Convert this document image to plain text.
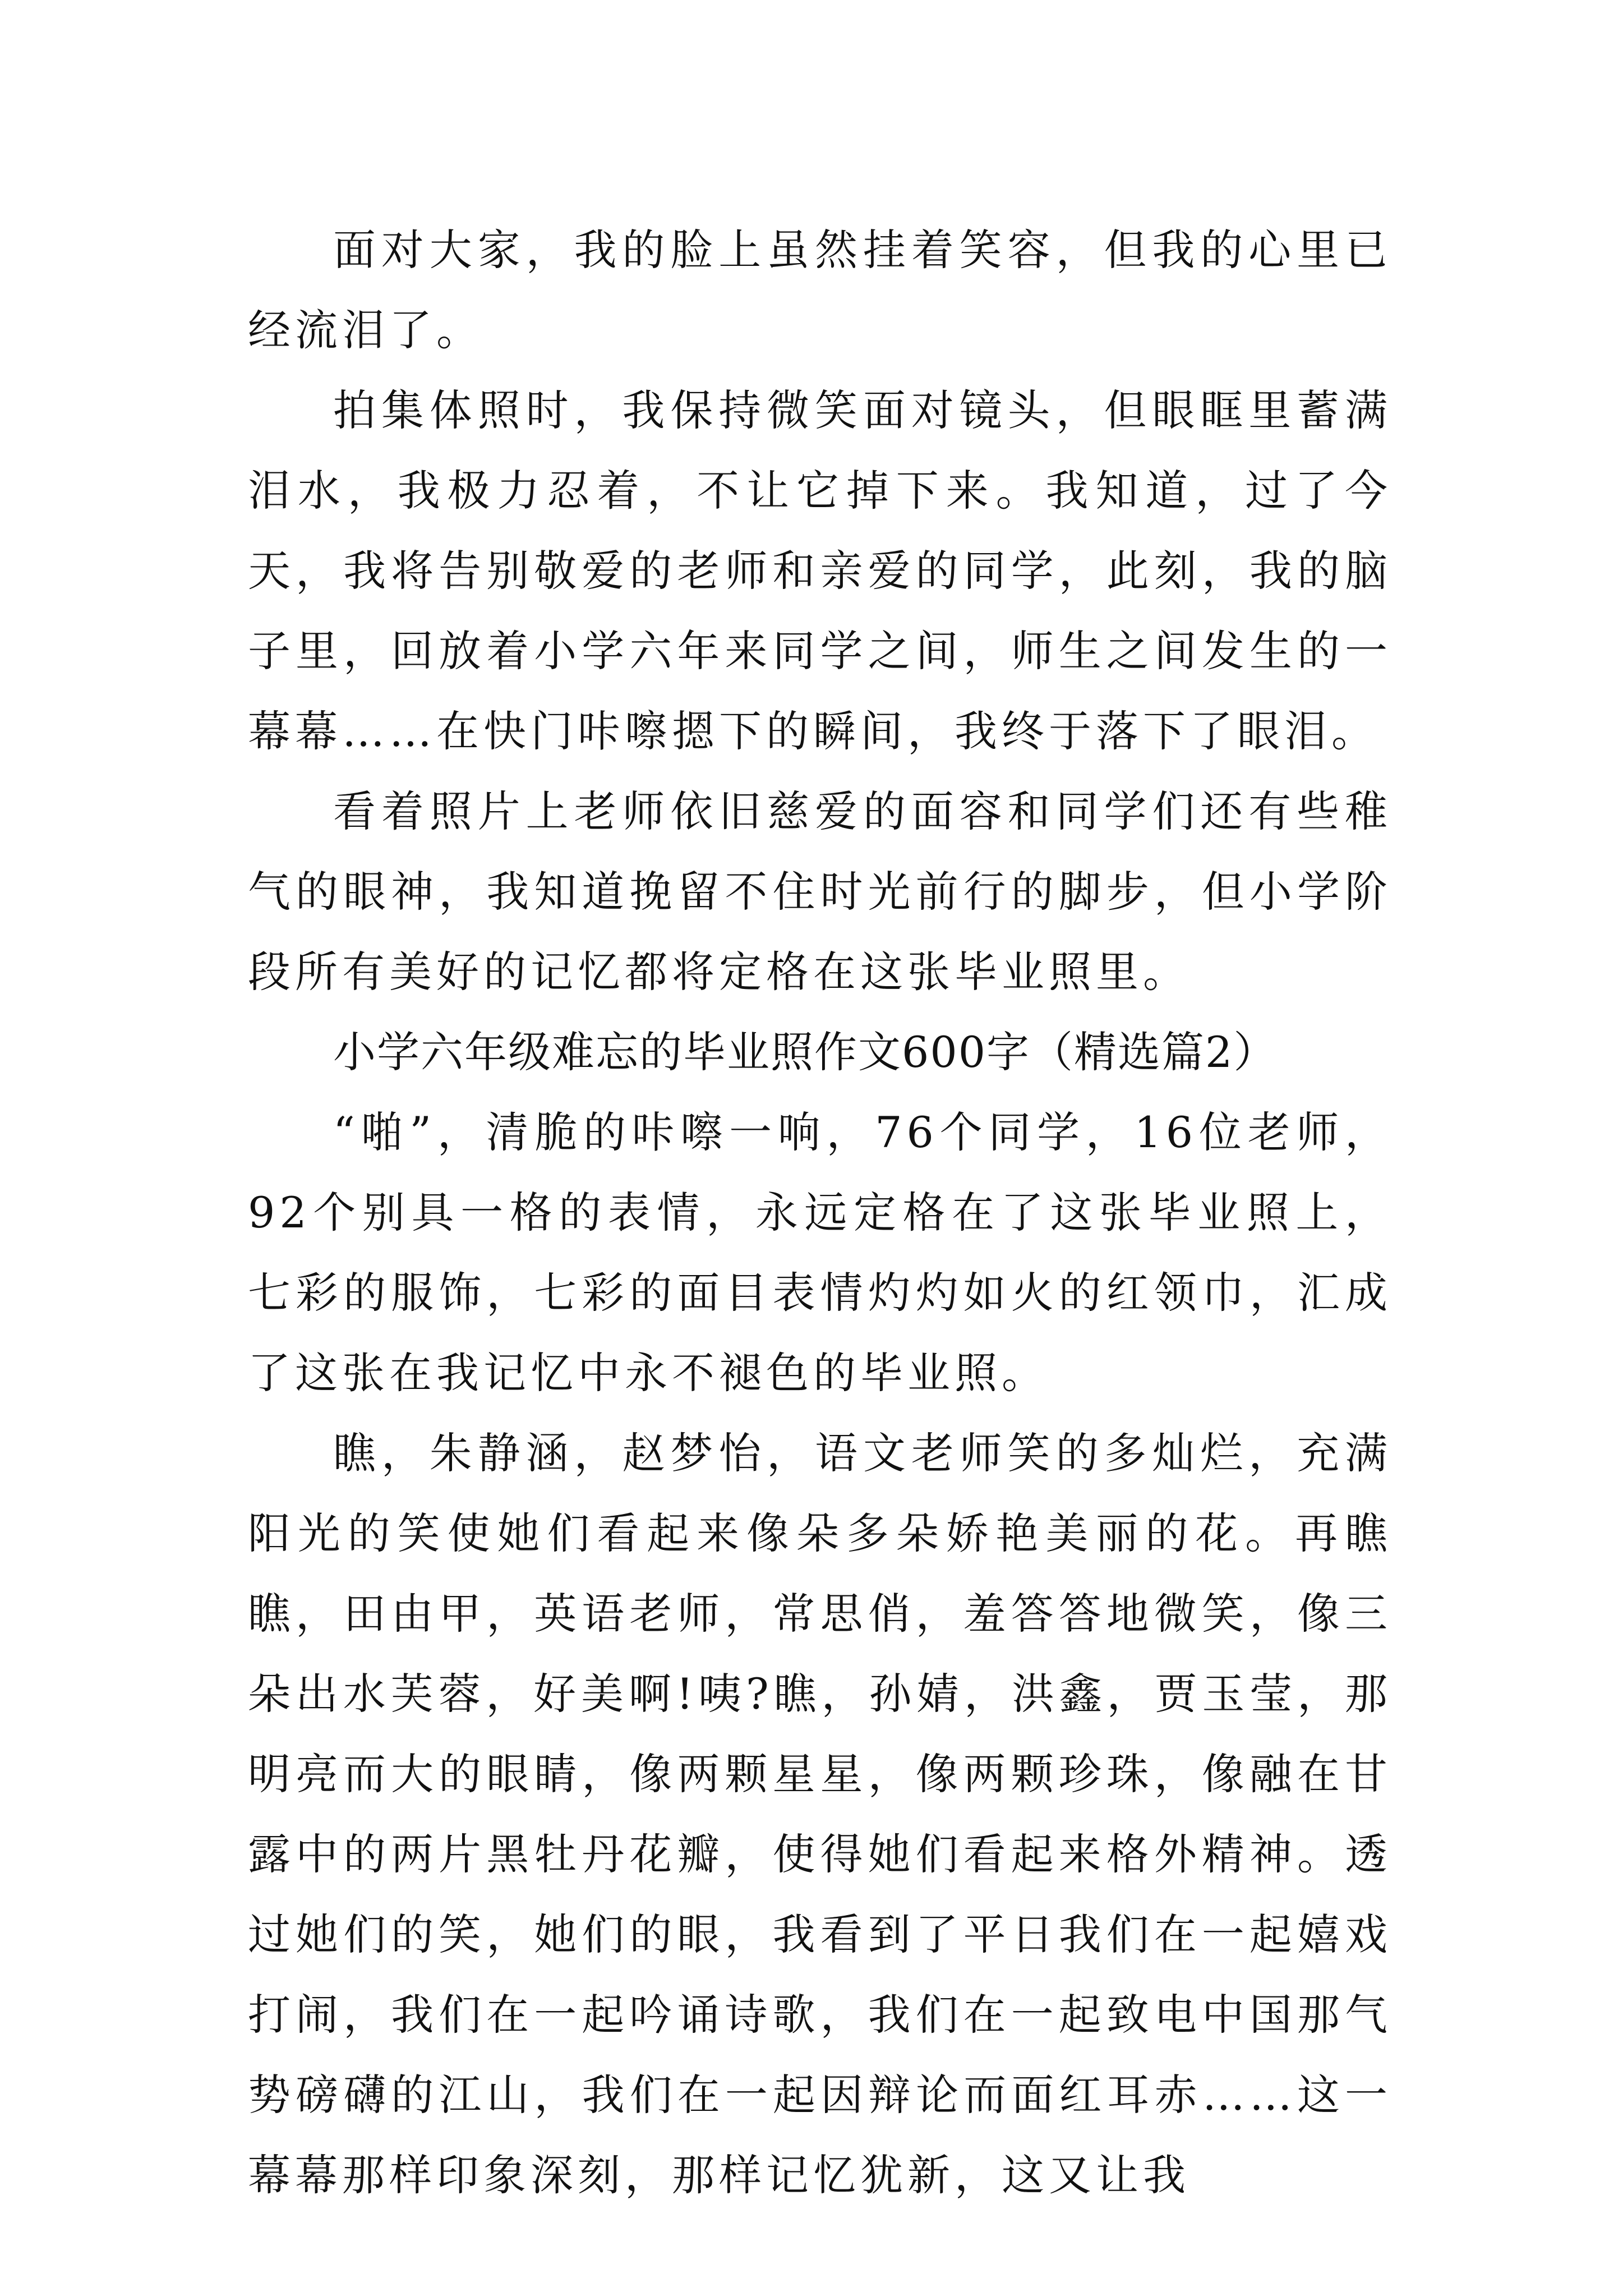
面对大家，我的脸上虽然挂着笑容，但我的心里已经流泪了。

拍集体照时，我保持微笑面对镜头，但眼眶里蓄满泪水，我极力忍着，不让它掉下来。我知道，过了今天，我将告别敬爱的老师和亲爱的同学，此刻，我的脑子里，回放着小学六年来同学之间，师生之间发生的一幕幕……在快门咔嚓摁下的瞬间，我终于落下了眼泪。

看着照片上老师依旧慈爱的面容和同学们还有些稚气的眼神，我知道挽留不住时光前行的脚步，但小学阶段所有美好的记忆都将定格在这张毕业照里。

小学六年级难忘的毕业照作文600字（精选篇2）

“啪”，清脆的咔嚓一响，76个同学，16位老师，92个别具一格的表情，永远定格在了这张毕业照上，七彩的服饰，七彩的面目表情灼灼如火的红领巾，汇成了这张在我记忆中永不褪色的毕业照。

瞧，朱静涵，赵梦怡，语文老师笑的多灿烂，充满阳光的笑使她们看起来像朵多朵娇艳美丽的花。再瞧瞧，田由甲，英语老师，常思俏，羞答答地微笑，像三朵出水芙蓉，好美啊!咦?瞧，孙婧，洪鑫，贾玉莹，那明亮而大的眼睛，像两颗星星，像两颗珍珠，像融在甘露中的两片黑牡丹花瓣，使得她们看起来格外精神。透过她们的笑，她们的眼，我看到了平日我们在一起嬉戏打闹，我们在一起吟诵诗歌，我们在一起致电中国那气势磅礴的江山，我们在一起因辩论而面红耳赤……这一幕幕那样印象深刻，那样记忆犹新，这又让我
